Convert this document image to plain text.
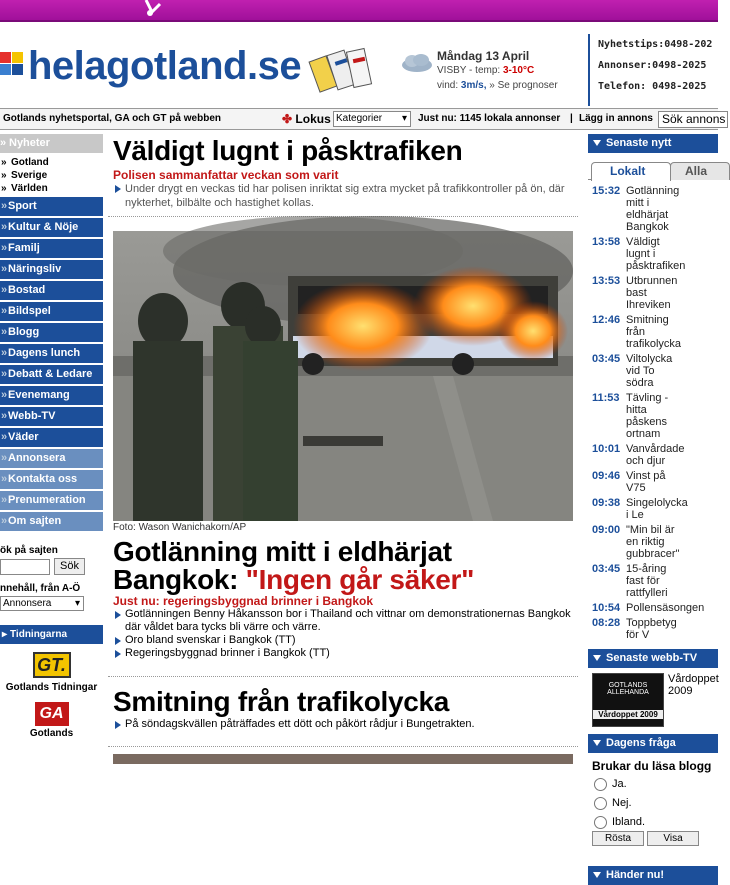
helagotland.se	Måndag 13 April
VISBY - temp: 3-10°C
vind: 3m/s, » Se prognoser
Nyhetstips:0498-202
Annonser:0498-2025
Telefon: 0498-2025
Gotlands nyhetsportal, GA och GT på webben	✤ Lokus Kategorier ▾ Just nu: 1145 lokala annonser | Lägg in annons Sök annons
» Nyheter
» Gotland
» Sverige
» Världen
» Sport
» Kultur & Nöje
» Familj
» Näringsliv
» Bostad
» Bildspel
» Blogg
» Dagens lunch
» Debatt & Ledare
» Evenemang
» Webb-TV
» Väder
» Annonsera
» Kontakta oss
» Prenumeration
» Om sajten
ök på sajten
Sök
nnehåll, från A-Ö
Annonsera ▾
▸ Tidningarna
GT.
Gotlands Tidningar
GA
Gotlands
Väldigt lugnt i påsktrafiken
Polisen sammanfattar veckan som varit
Under drygt en veckas tid har polisen inriktat sig extra mycket på trafikkontroller på ön, där nykterhet, bilbälte och hastighet kollas.
Foto: Wason Wanichakorn/AP
Gotlänning mitt i eldhärjat
Bangkok: "Ingen går säker"
Just nu: regeringsbyggnad brinner i Bangkok
Gotlänningen Benny Håkansson bor i Thailand och vittnar om demonstrationernas Bangkok där våldet bara tycks bli värre och värre.
Oro bland svenskar i Bangkok (TT)
Regeringsbyggnad brinner i Bangkok (TT)
Smitning från trafikolycka
På söndagskvällen påträffades ett dött och påkört rådjur i Bungetrakten.
Senaste nytt
Alla
Lokalt
15:32 Gotlänning mitt i eldhärjat Bangkok
13:58 Väldigt lugnt i påsktrafiken
13:53 Utbrunnen bast Ihreviken
12:46 Smitning från trafikolycka
03:45 Viltolycka vid To södra
11:53 Tävling - hitta påskens ortnam
10:01 Vanvårdade och djur
09:46 Vinst på V75
09:38 Singelolycka i Le
09:00 "Min bil är en riktig gubbracer"
03:45 15-åring fast för rattfylleri
10:54 Pollensäsongen
08:28 Toppbetyg för V
Senaste webb-TV
GOTLANDS ALLEHANDA
Vårdoppet 2009
Vårdoppet 2009
Dagens fråga
Brukar du läsa blogg
Ja.
Nej.
Ibland.
Rösta	Visa
Händer nu!
